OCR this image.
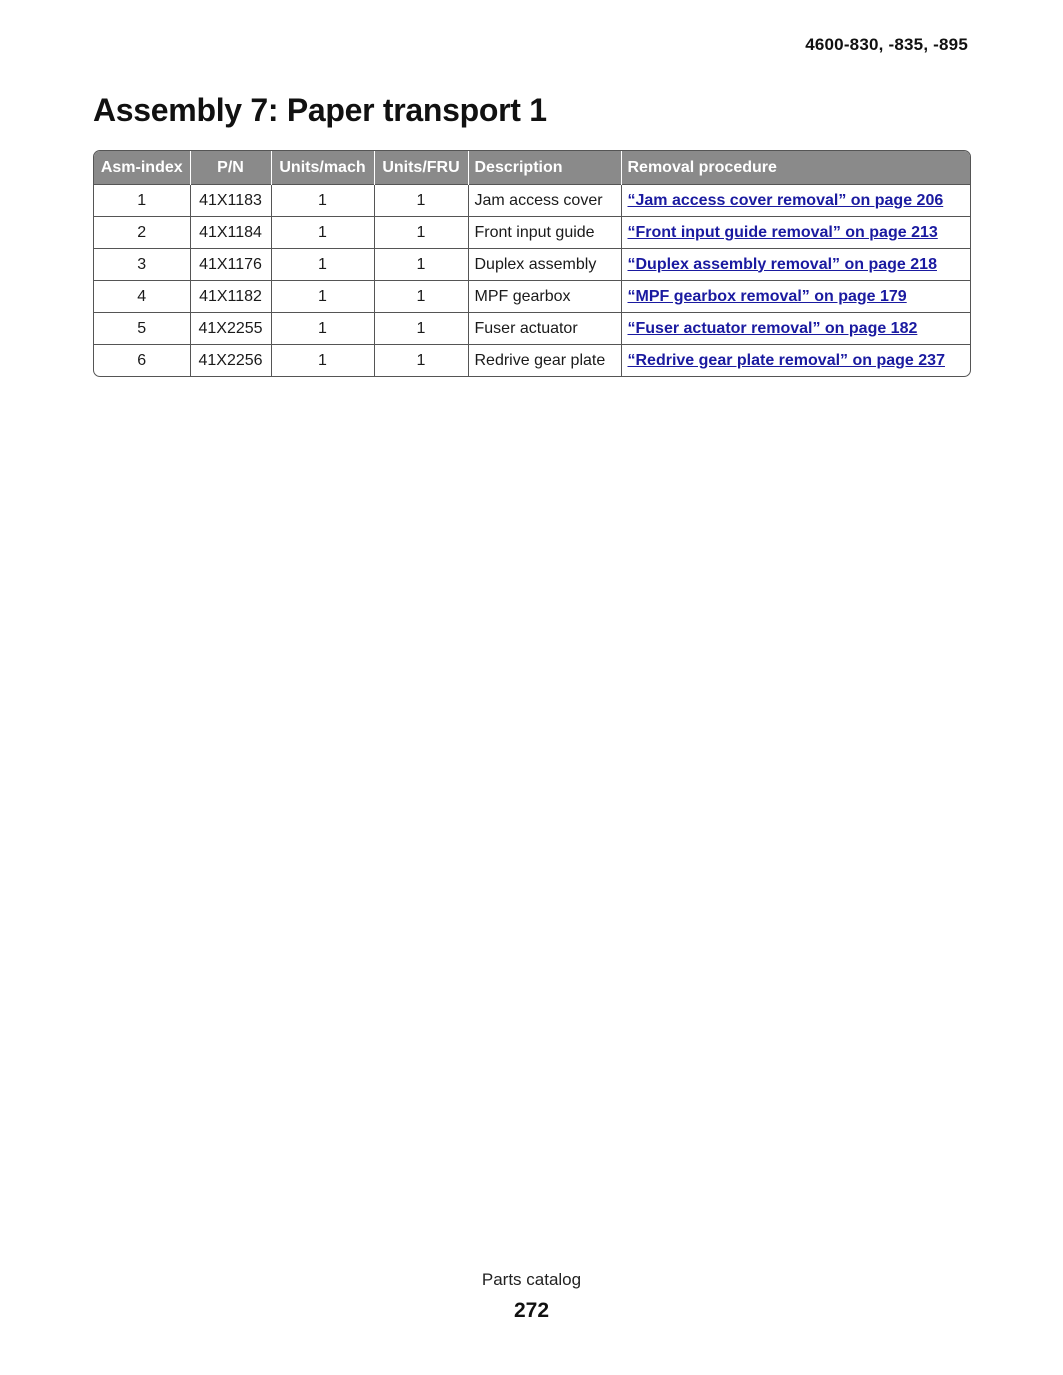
4600-830, -835, -895
Assembly 7: Paper transport 1
Asm-index	P/N	Units/mach	Units/FRU	Description	Removal procedure
1	41X1183	1	1	Jam access cover	“Jam access cover removal” on page 206
2	41X1184	1	1	Front input guide	“Front input guide removal” on page 213
3	41X1176	1	1	Duplex assembly	“Duplex assembly removal” on page 218
4	41X1182	1	1	MPF gearbox	“MPF gearbox removal” on page 179
5	41X2255	1	1	Fuser actuator	“Fuser actuator removal” on page 182
6	41X2256	1	1	Redrive gear plate	“Redrive gear plate removal” on page 237
Parts catalog
272
